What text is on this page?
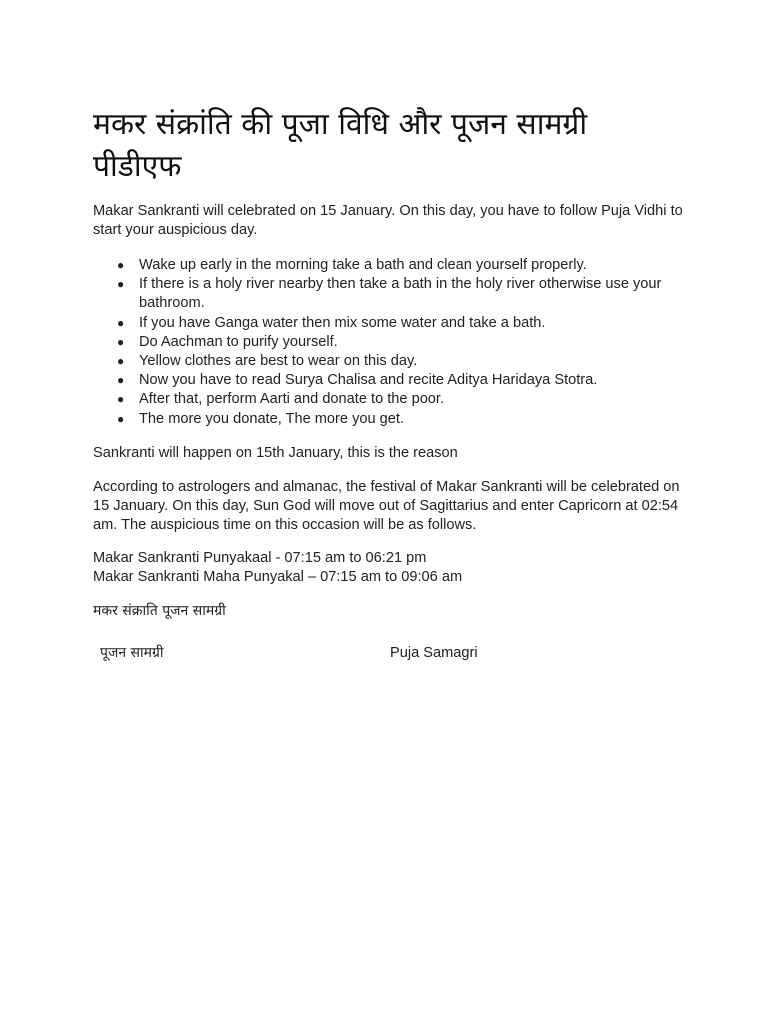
मकर संक्रांति की पूजा विधि और पूजन सामग्री पीडीएफ

Makar Sankranti will celebrated on 15 January. On this day, you have to follow Puja Vidhi to start your auspicious day.

● Wake up early in the morning take a bath and clean yourself properly.
● If there is a holy river nearby then take a bath in the holy river otherwise use your bathroom.
● If you have Ganga water then mix some water and take a bath.
● Do Aachman to purify yourself.
● Yellow clothes are best to wear on this day.
● Now you have to read Surya Chalisa and recite Aditya Haridaya Stotra.
● After that, perform Aarti and donate to the poor.
● The more you donate, The more you get.

Sankranti will happen on 15th January, this is the reason

According to astrologers and almanac, the festival of Makar Sankranti will be celebrated on 15 January. On this day, Sun God will move out of Sagittarius and enter Capricorn at 02:54 am. The auspicious time on this occasion will be as follows.

Makar Sankranti Punyakaal - 07:15 am to 06:21 pm
Makar Sankranti Maha Punyakal – 07:15 am to 09:06 am

मकर संक्राति पूजन सामग्री

पूजन सामग्री	Puja Samagri
